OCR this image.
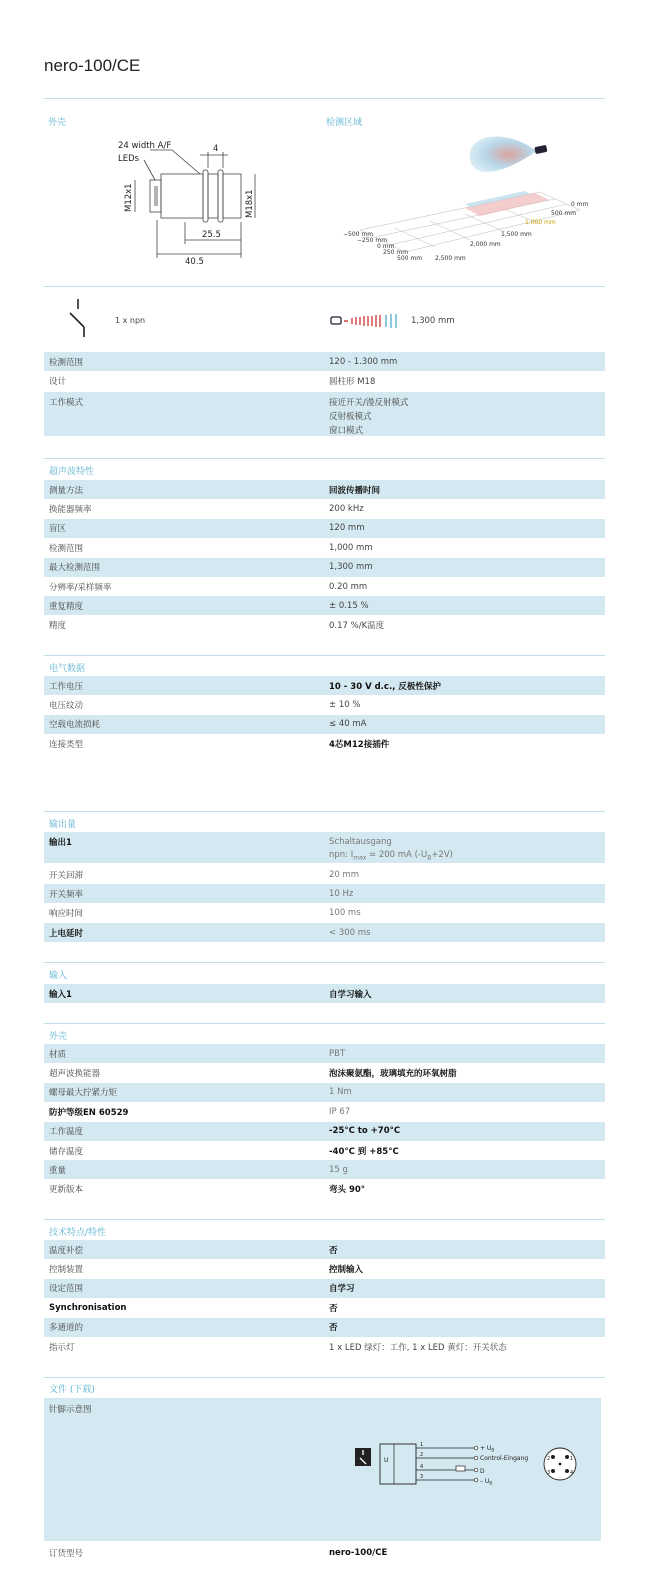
nero-100/CE
外壳	检测区域
24 width A/F
LEDs
4
M12x1	M18x1
25.5
40.5
0 mm
500 mm
1,000 mm
1,500 mm
2,000 mm
2,500 mm
−500 mm
−250 mm
0 mm
250 mm
500 mm
1 x npn	1,300 mm
检测范围	120 - 1.300 mm
设计	圆柱形 M18
工作模式	接近开关/漫反射模式
反射板模式
窗口模式
超声波特性
测量方法	回波传播时间
换能器频率	200 kHz
盲区	120 mm
检测范围	1,000 mm
最大检测范围	1,300 mm
分辨率/采样频率	0.20 mm
重复精度	± 0.15 %
精度	0.17 %/K温度
电气数据
工作电压	10 - 30 V d.c., 反极性保护
电压纹动	± 10 %
空载电流损耗	≤ 40 mA
连接类型	4芯M12接插件
输出量
输出1	Schaltausgang
npn: $I_{max} = 200$ mA $(-U_B+2V)$
开关回滞	20 mm
开关频率	10 Hz
响应时间	100 ms
上电延时	< 300 ms
输入
输入1	自学习输入
外壳
材质	PBT
超声波换能器	泡沫聚氨酯，玻璃填充的环氧树脂
螺母最大拧紧力矩	1 Nm
防护等级EN 60529	IP 67
工作温度	-25°C to +70°C
储存温度	-40°C 到 +85°C
重量	15 g
更新版本	弯头 90°
技术特点/特性
温度补偿	否
控制装置	控制输入
设定范围	自学习
Synchronisation	否
多通道的	否
指示灯	1 x LED 绿灯：工作, 1 x LED 黄灯：开关状态
文件 (下载)
针脚示意图
U
1
2
4
3
+ $U_B$
Control-Eingang
D
– $U_B$
2	1
3	4
订货型号	nero-100/CE
